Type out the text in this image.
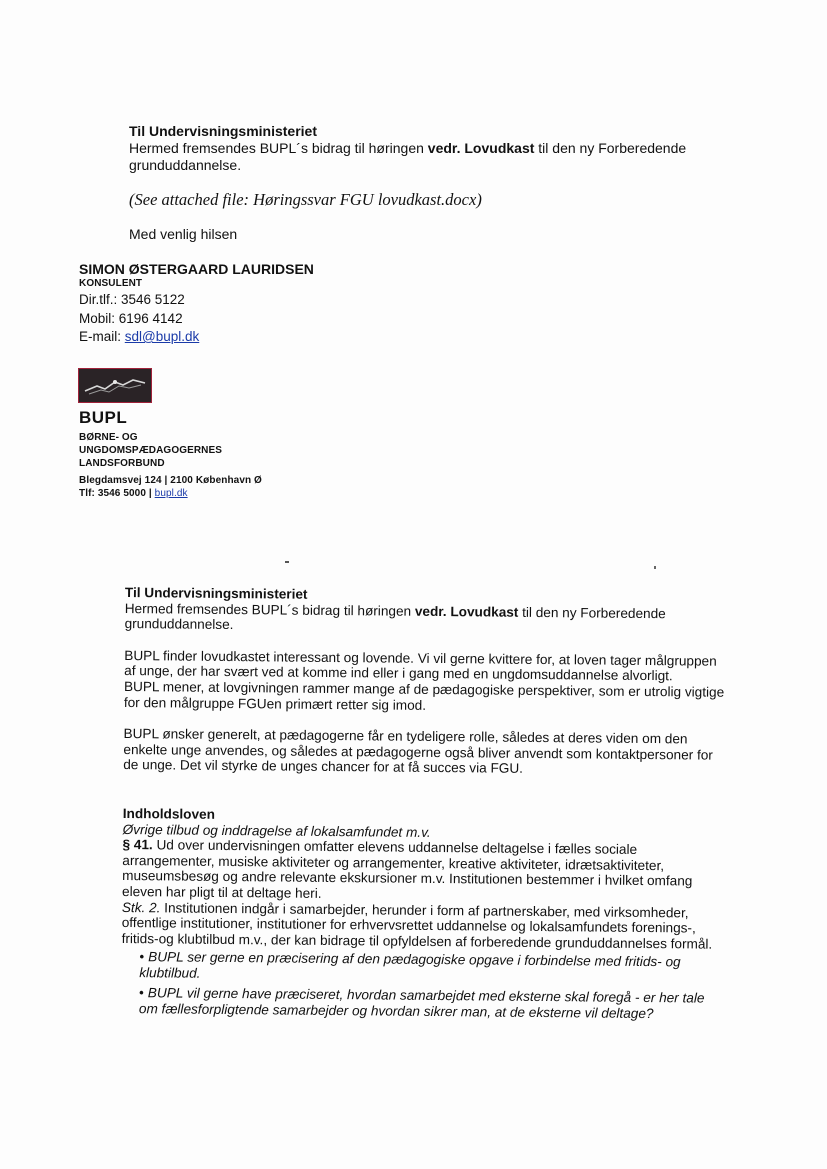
Til Undervisningsministeriet
Hermed fremsendes BUPL´s bidrag til høringen vedr. Lovudkast til den ny Forberedende
grunduddannelse.
(See attached file: Høringssvar FGU lovudkast.docx)
Med venlig hilsen
SIMON ØSTERGAARD LAURIDSEN
KONSULENT
Dir.tlf.: 3546 5122
Mobil: 6196 4142
E-mail: sdl@bupl.dk
BUPL
BØRNE- OG
UNGDOMSPÆDAGOGERNES
LANDSFORBUND
Blegdamsvej 124 | 2100 København Ø
Tlf: 3546 5000 | bupl.dk
Til Undervisningsministeriet
Hermed fremsendes BUPL´s bidrag til høringen vedr. Lovudkast til den ny Forberedende
grunduddannelse.
BUPL finder lovudkastet interessant og lovende. Vi vil gerne kvittere for, at loven tager målgruppen
af unge, der har svært ved at komme ind eller i gang med en ungdomsuddannelse alvorligt.
BUPL mener, at lovgivningen rammer mange af de pædagogiske perspektiver, som er utrolig vigtige
for den målgruppe FGUen primært retter sig imod.
BUPL ønsker generelt, at pædagogerne får en tydeligere rolle, således at deres viden om den
enkelte unge anvendes, og således at pædagogerne også bliver anvendt som kontaktpersoner for
de unge. Det vil styrke de unges chancer for at få succes via FGU.
Indholdsloven
Øvrige tilbud og inddragelse af lokalsamfundet m.v.
§ 41. Ud over undervisningen omfatter elevens uddannelse deltagelse i fælles sociale
arrangementer, musiske aktiviteter og arrangementer, kreative aktiviteter, idrætsaktiviteter,
museumsbesøg og andre relevante ekskursioner m.v. Institutionen bestemmer i hvilket omfang
eleven har pligt til at deltage heri.
Stk. 2. Institutionen indgår i samarbejder, herunder i form af partnerskaber, med virksomheder,
offentlige institutioner, institutioner for erhvervsrettet uddannelse og lokalsamfundets forenings-,
fritids-og klubtilbud m.v., der kan bidrage til opfyldelsen af forberedende grunduddannelses formål.
• BUPL ser gerne en præcisering af den pædagogiske opgave i forbindelse med fritids- og
klubtilbud.
• BUPL vil gerne have præciseret, hvordan samarbejdet med eksterne skal foregå - er her tale
om fællesforpligtende samarbejder og hvordan sikrer man, at de eksterne vil deltage?
